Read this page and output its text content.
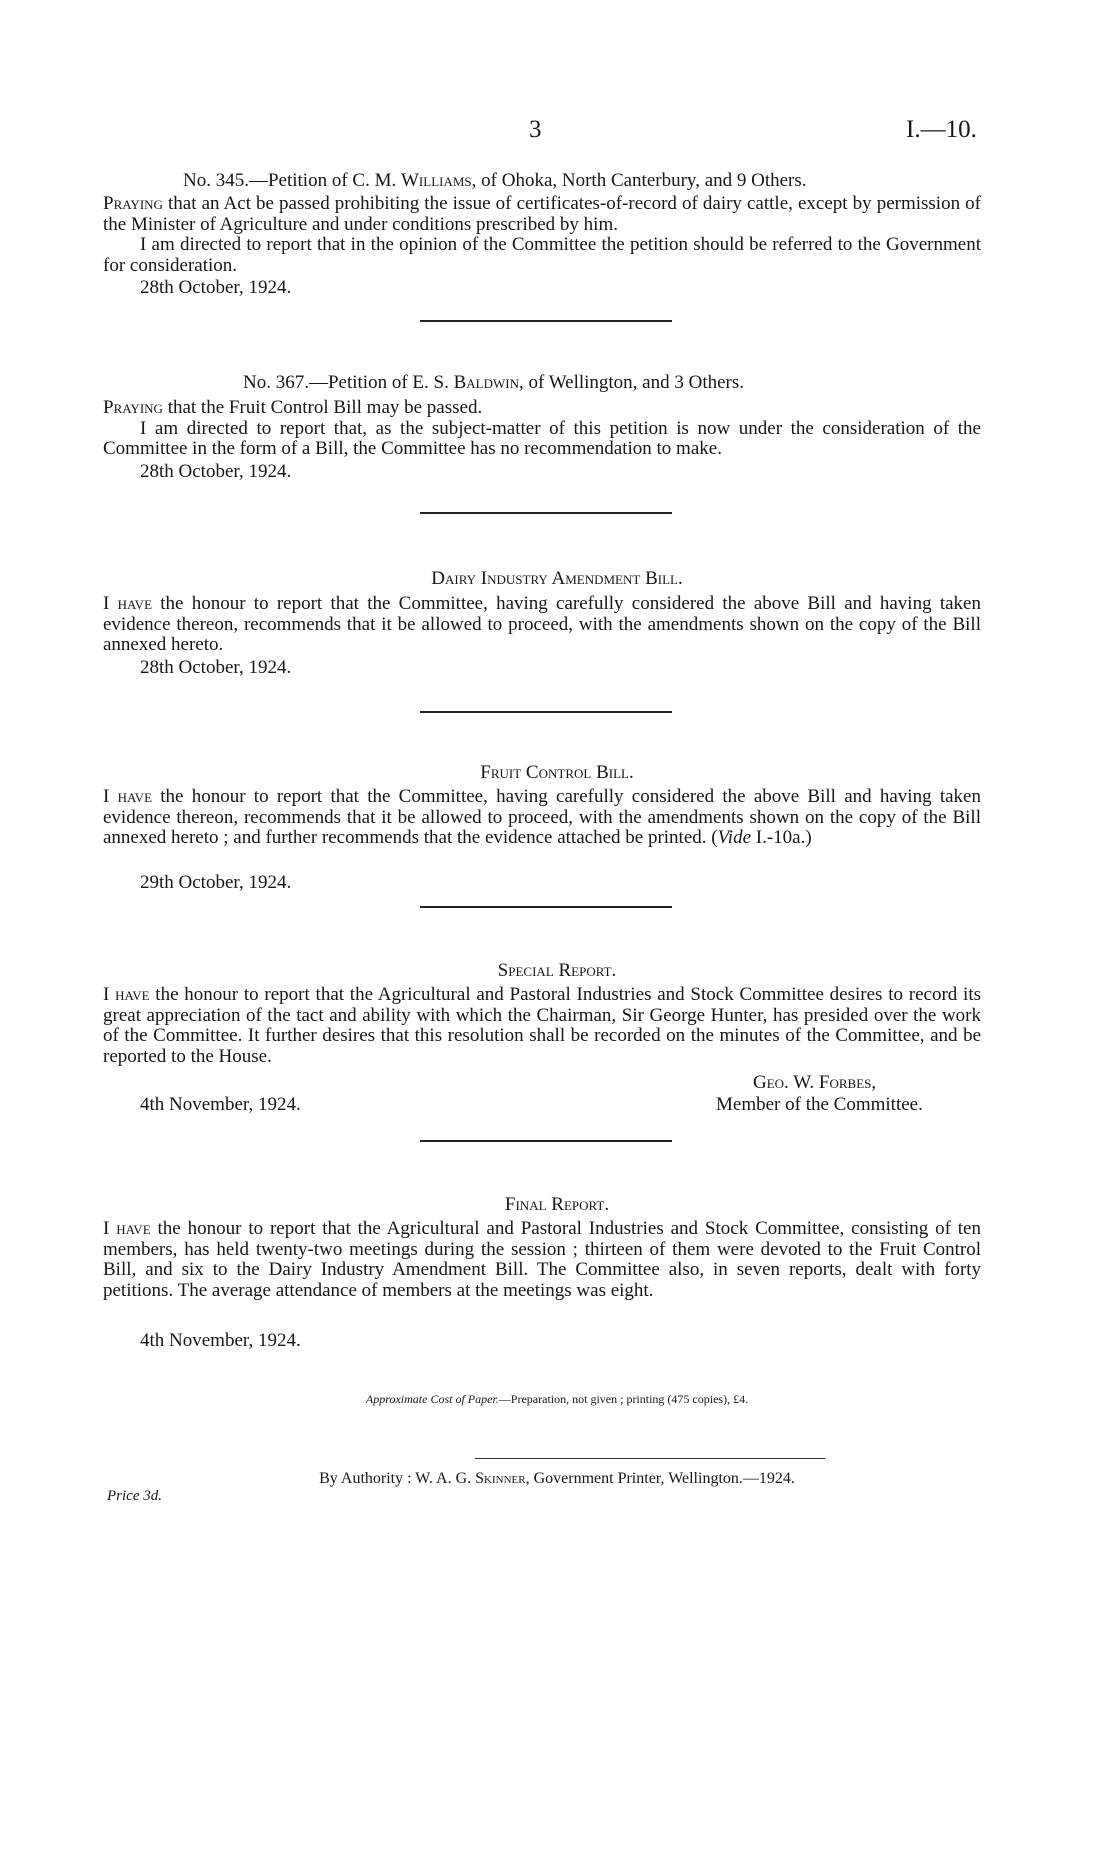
3	I.—10.
No. 345.—Petition of C. M. Williams, of Ohoka, North Canterbury, and 9 Others.

Praying that an Act be passed prohibiting the issue of certificates-of-record of dairy cattle, except by permission of the Minister of Agriculture and under conditions prescribed by him.

I am directed to report that in the opinion of the Committee the petition should be referred to the Government for consideration.

28th October, 1924.
No. 367.—Petition of E. S. Baldwin, of Wellington, and 3 Others.

Praying that the Fruit Control Bill may be passed.

I am directed to report that, as the subject-matter of this petition is now under the consideration of the Committee in the form of a Bill, the Committee has no recommendation to make.

28th October, 1924.
Dairy Industry Amendment Bill.

I have the honour to report that the Committee, having carefully considered the above Bill and having taken evidence thereon, recommends that it be allowed to proceed, with the amendments shown on the copy of the Bill annexed hereto.

28th October, 1924.
Fruit Control Bill.

I have the honour to report that the Committee, having carefully considered the above Bill and having taken evidence thereon, recommends that it be allowed to proceed, with the amendments shown on the copy of the Bill annexed hereto ; and further recommends that the evidence attached be printed. (Vide I.-10a.)

29th October, 1924.
Special Report.

I have the honour to report that the Agricultural and Pastoral Industries and Stock Committee desires to record its great appreciation of the tact and ability with which the Chairman, Sir George Hunter, has presided over the work of the Committee. It further desires that this resolution shall be recorded on the minutes of the Committee, and be reported to the House.

Geo. W. Forbes,
4th November, 1924.	Member of the Committee.
Final Report.

I have the honour to report that the Agricultural and Pastoral Industries and Stock Committee, consisting of ten members, has held twenty-two meetings during the session ; thirteen of them were devoted to the Fruit Control Bill, and six to the Dairy Industry Amendment Bill. The Committee also, in seven reports, dealt with forty petitions. The average attendance of members at the meetings was eight.

4th November, 1924.
Approximate Cost of Paper.—Preparation, not given ; printing (475 copies), £4.
By Authority : W. A. G. Skinner, Government Printer, Wellington.—1924.
Price 3d.
